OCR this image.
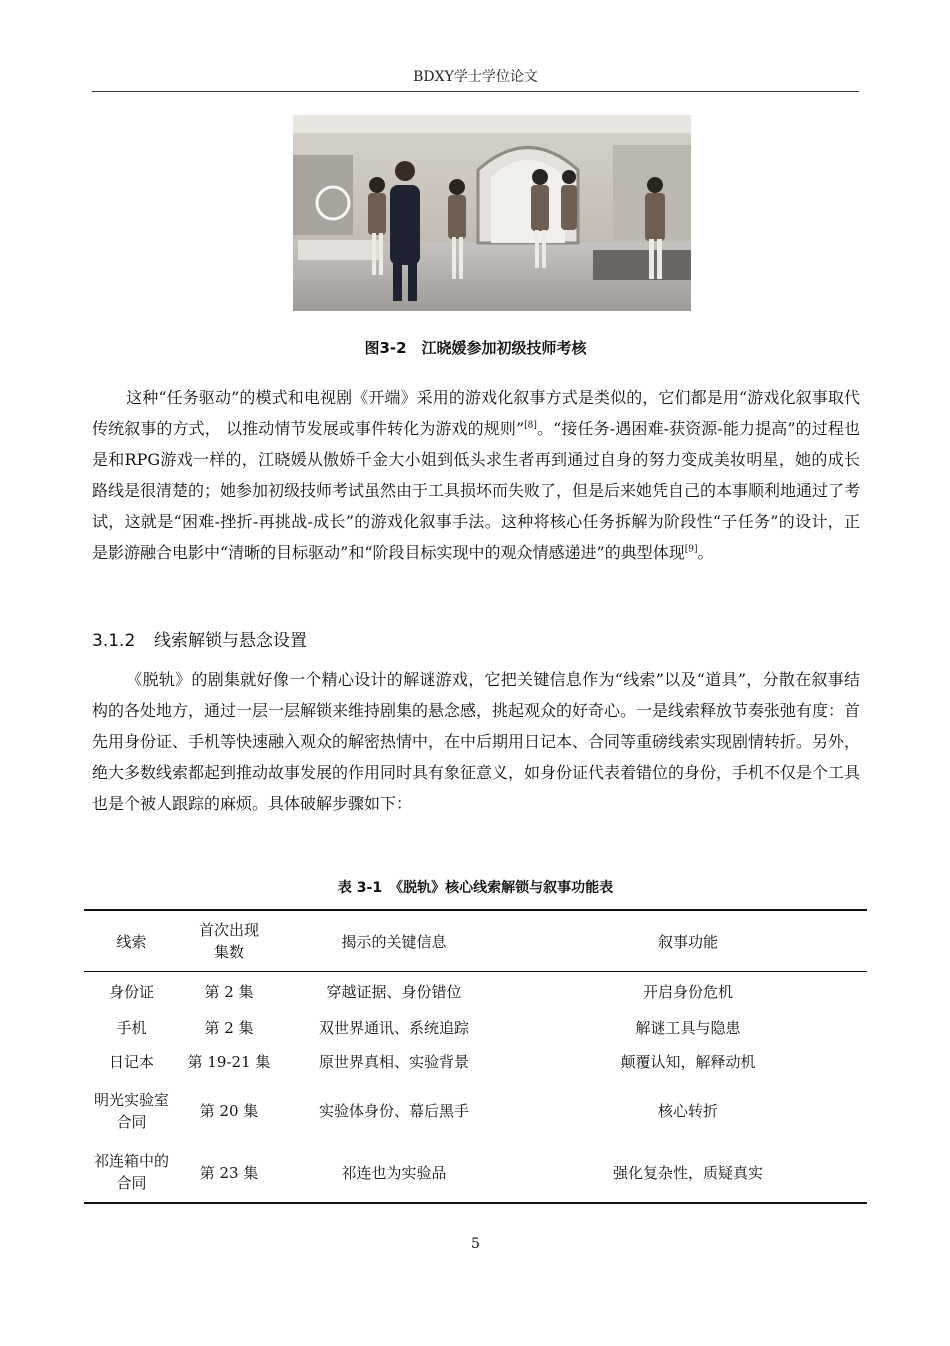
BDXY学士学位论文
图3-2　江晓媛参加初级技师考核

这种“任务驱动”的模式和电视剧《开端》采用的游戏化叙事方式是类似的，它们都是用“游戏化叙事取代传统叙事的方式， 以推动情节发展或事件转化为游戏的规则”[8]。“接任务-遇困难-获资源-能力提高”的过程也是和RPG游戏一样的，江晓媛从傲娇千金大小姐到低头求生者再到通过自身的努力变成美妆明星，她的成长路线是很清楚的；她参加初级技师考试虽然由于工具损坏而失败了，但是后来她凭自己的本事顺利地通过了考试，这就是“困难-挫折-再挑战-成长”的游戏化叙事手法。这种将核心任务拆解为阶段性“子任务”的设计，正是影游融合电影中“清晰的目标驱动”和“阶段目标实现中的观众情感递进”的典型体现[9]。

3.1.2 线索解锁与悬念设置

《脱轨》的剧集就好像一个精心设计的解谜游戏，它把关键信息作为“线索”以及“道具”，分散在叙事结构的各处地方，通过一层一层解锁来维持剧集的悬念感，挑起观众的好奇心。一是线索释放节奏张弛有度：首先用身份证、手机等快速融入观众的解密热情中，在中后期用日记本、合同等重磅线索实现剧情转折。另外，绝大多数线索都起到推动故事发展的作用同时具有象征意义，如身份证代表着错位的身份，手机不仅是个工具也是个被人跟踪的麻烦。具体破解步骤如下：

表 3-1　《脱轨》核心线索解锁与叙事功能表
线索	首次出现集数	揭示的关键信息	叙事功能
身份证	第 2 集	穿越证据、身份错位	开启身份危机
手机	第 2 集	双世界通讯、系统追踪	解谜工具与隐患
日记本	第 19-21 集	原世界真相、实验背景	颠覆认知，解释动机
明光实验室合同	第 20 集	实验体身份、幕后黑手	核心转折
祁连箱中的合同	第 23 集	祁连也为实验品	强化复杂性，质疑真实
5
